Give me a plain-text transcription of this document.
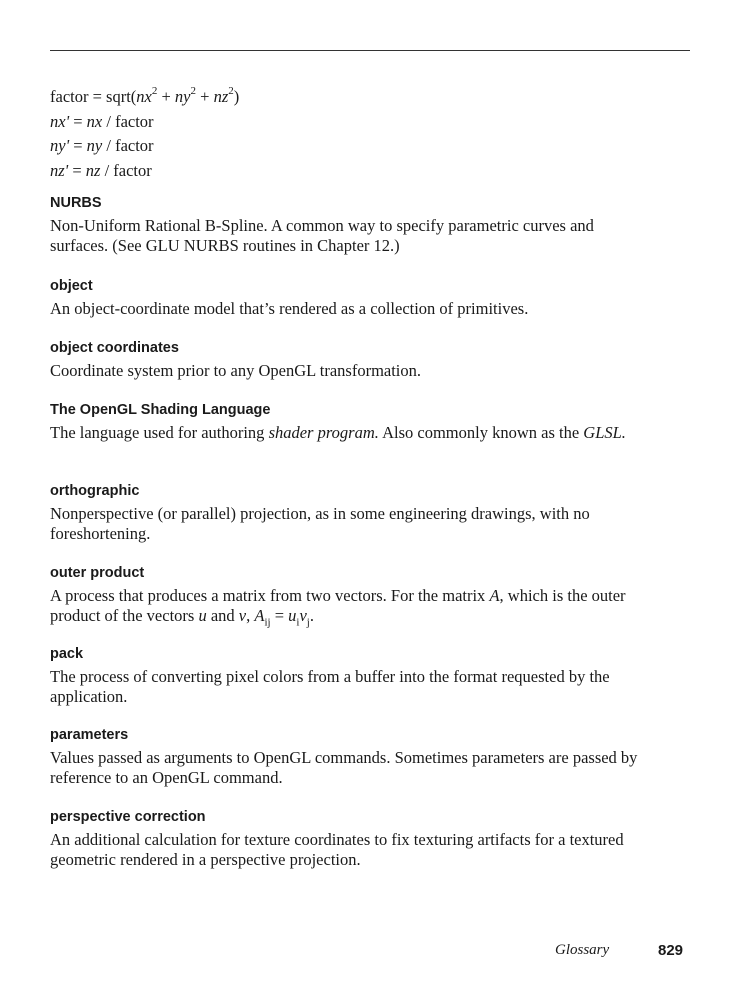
factor = $sqrt(nx^2 + ny^2 + nz^2)$
nx' = nx / factor
ny' = ny / factor
nz' = nz / factor

NURBS

Non-Uniform Rational B-Spline. A common way to specify parametric curves and surfaces. (See GLU NURBS routines in Chapter 12.)

object

An object-coordinate model that’s rendered as a collection of primitives.

object coordinates

Coordinate system prior to any OpenGL transformation.

The OpenGL Shading Language

The language used for authoring shader program. Also commonly known as the GLSL.

orthographic

Nonperspective (or parallel) projection, as in some engineering drawings, with no foreshortening.

outer product

A process that produces a matrix from two vectors. For the matrix A, which is the outer product of the vectors u and v, $A_{ij} = u_iv_j$.

pack

The process of converting pixel colors from a buffer into the format requested by the application.

parameters

Values passed as arguments to OpenGL commands. Sometimes parameters are passed by reference to an OpenGL command.

perspective correction

An additional calculation for texture coordinates to fix texturing artifacts for a textured geometric rendered in a perspective projection.

Glossary	829
